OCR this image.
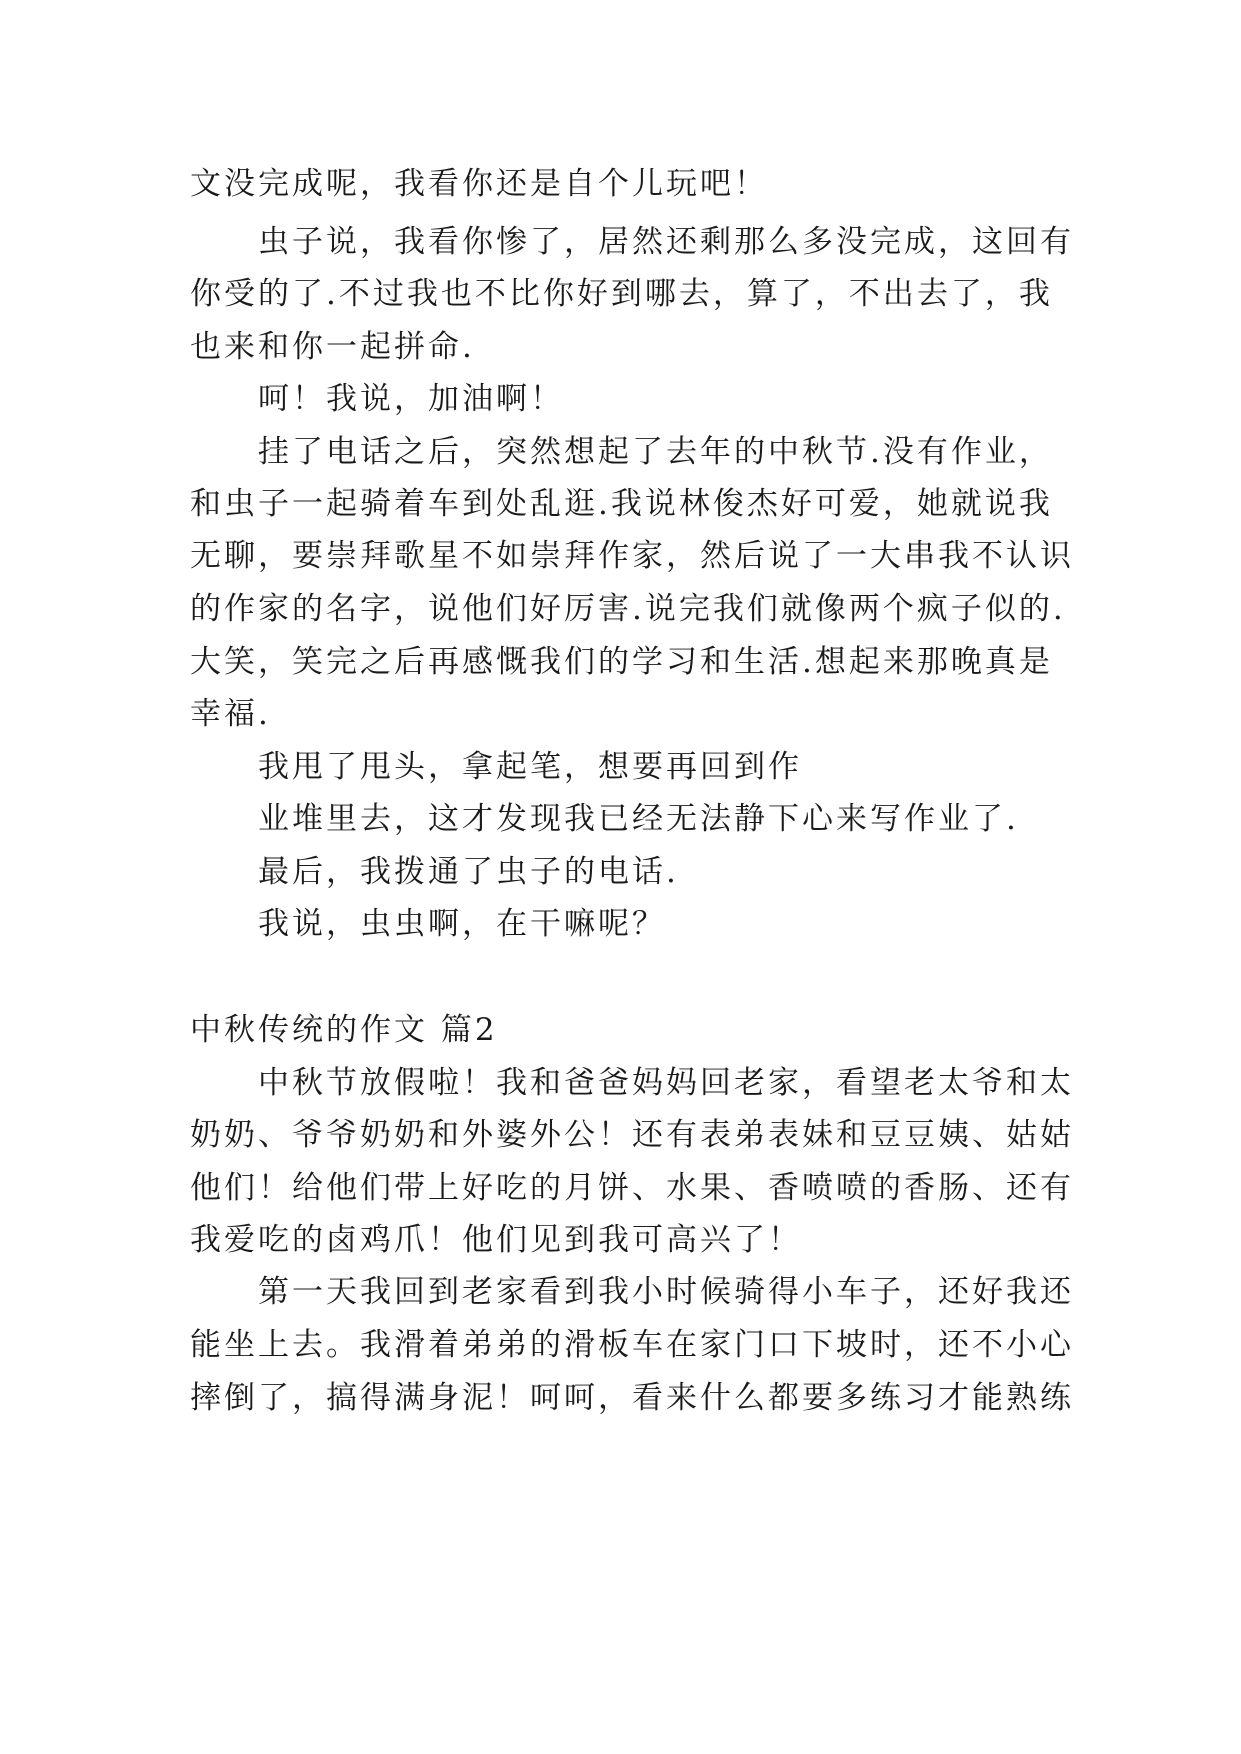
文没完成呢，我看你还是自个儿玩吧！
虫子说，我看你惨了，居然还剩那么多没完成，这回有
你受的了.不过我也不比你好到哪去，算了，不出去了，我
也来和你一起拼命.
呵！我说，加油啊！
挂了电话之后，突然想起了去年的中秋节.没有作业，
和虫子一起骑着车到处乱逛.我说林俊杰好可爱，她就说我
无聊，要崇拜歌星不如崇拜作家，然后说了一大串我不认识
的作家的名字，说他们好厉害.说完我们就像两个疯子似的.
大笑，笑完之后再感慨我们的学习和生活.想起来那晚真是
幸福.
我甩了甩头，拿起笔，想要再回到作
业堆里去，这才发现我已经无法静下心来写作业了.
最后，我拨通了虫子的电话.
我说，虫虫啊，在干嘛呢？
中秋传统的作文 篇2
中秋节放假啦！我和爸爸妈妈回老家，看望老太爷和太
奶奶、爷爷奶奶和外婆外公！还有表弟表妹和豆豆姨、姑姑
他们！给他们带上好吃的月饼、水果、香喷喷的香肠、还有
我爱吃的卤鸡爪！他们见到我可高兴了！
第一天我回到老家看到我小时候骑得小车子，还好我还
能坐上去。我滑着弟弟的滑板车在家门口下坡时，还不小心
摔倒了，搞得满身泥！呵呵，看来什么都要多练习才能熟练
